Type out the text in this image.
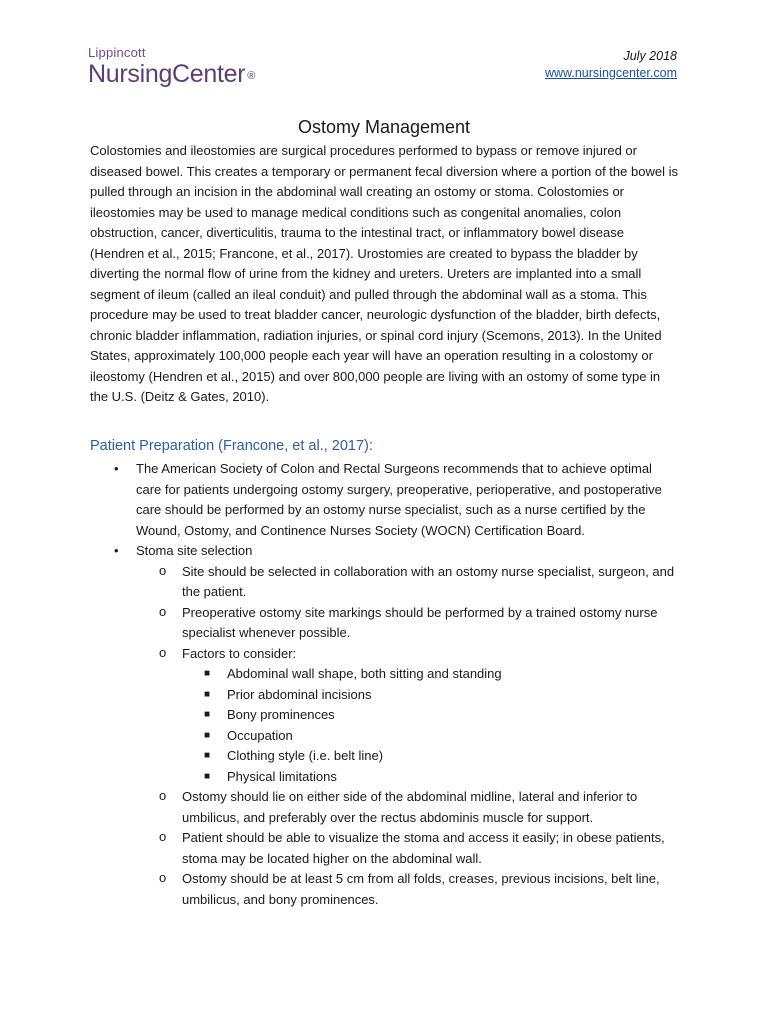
Lippincott
NursingCenter ®
July 2018
www.nursingcenter.com
Ostomy Management

Colostomies and ileostomies are surgical procedures performed to bypass or remove injured or diseased bowel. This creates a temporary or permanent fecal diversion where a portion of the bowel is pulled through an incision in the abdominal wall creating an ostomy or stoma. Colostomies or ileostomies may be used to manage medical conditions such as congenital anomalies, colon obstruction, cancer, diverticulitis, trauma to the intestinal tract, or inflammatory bowel disease (Hendren et al., 2015; Francone, et al., 2017). Urostomies are created to bypass the bladder by diverting the normal flow of urine from the kidney and ureters. Ureters are implanted into a small segment of ileum (called an ileal conduit) and pulled through the abdominal wall as a stoma. This procedure may be used to treat bladder cancer, neurologic dysfunction of the bladder, birth defects, chronic bladder inflammation, radiation injuries, or spinal cord injury (Scemons, 2013). In the United States, approximately 100,000 people each year will have an operation resulting in a colostomy or ileostomy (Hendren et al., 2015) and over 800,000 people are living with an ostomy of some type in the U.S. (Deitz & Gates, 2010).

Patient Preparation (Francone, et al., 2017):
• The American Society of Colon and Rectal Surgeons recommends that to achieve optimal care for patients undergoing ostomy surgery, preoperative, perioperative, and postoperative care should be performed by an ostomy nurse specialist, such as a nurse certified by the Wound, Ostomy, and Continence Nurses Society (WOCN) Certification Board.
• Stoma site selection
o Site should be selected in collaboration with an ostomy nurse specialist, surgeon, and the patient.
o Preoperative ostomy site markings should be performed by a trained ostomy nurse specialist whenever possible.
o Factors to consider:
■ Abdominal wall shape, both sitting and standing
■ Prior abdominal incisions
■ Bony prominences
■ Occupation
■ Clothing style (i.e. belt line)
■ Physical limitations
o Ostomy should lie on either side of the abdominal midline, lateral and inferior to umbilicus, and preferably over the rectus abdominis muscle for support.
o Patient should be able to visualize the stoma and access it easily; in obese patients, stoma may be located higher on the abdominal wall.
o Ostomy should be at least 5 cm from all folds, creases, previous incisions, belt line, umbilicus, and bony prominences.
